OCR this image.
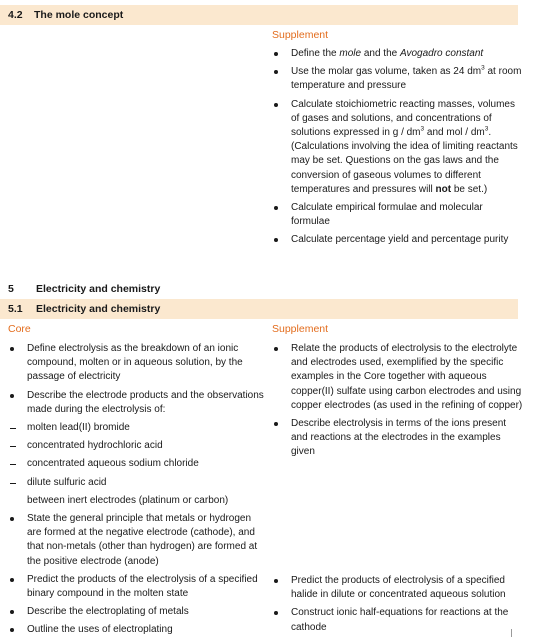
4.2 The mole concept
Supplement
Define the mole and the Avogadro constant
Use the molar gas volume, taken as 24 $dm^3$ at room temperature and pressure
Calculate stoichiometric reacting masses, volumes of gases and solutions, and concentrations of solutions expressed in g / $dm^3$ and mol / $dm^3$. (Calculations involving the idea of limiting reactants may be set. Questions on the gas laws and the conversion of gaseous volumes to different temperatures and pressures will not be set.)
Calculate empirical formulae and molecular formulae
Calculate percentage yield and percentage purity
5 Electricity and chemistry
5.1 Electricity and chemistry
Core	Supplement
Define electrolysis as the breakdown of an ionic compound, molten or in aqueous solution, by the passage of electricity
Describe the electrode products and the observations made during the electrolysis of:
molten lead(II) bromide
concentrated hydrochloric acid
concentrated aqueous sodium chloride
dilute sulfuric acid
between inert electrodes (platinum or carbon)
State the general principle that metals or hydrogen are formed at the negative electrode (cathode), and that non-metals (other than hydrogen) are formed at the positive electrode (anode)
Predict the products of the electrolysis of a specified binary compound in the molten state
Describe the electroplating of metals
Outline the uses of electroplating
Relate the products of electrolysis to the electrolyte and electrodes used, exemplified by the specific examples in the Core together with aqueous copper(II) sulfate using carbon electrodes and using copper electrodes (as used in the refining of copper)
Describe electrolysis in terms of the ions present and reactions at the electrodes in the examples given
Predict the products of electrolysis of a specified halide in dilute or concentrated aqueous solution
Construct ionic half-equations for reactions at the cathode
